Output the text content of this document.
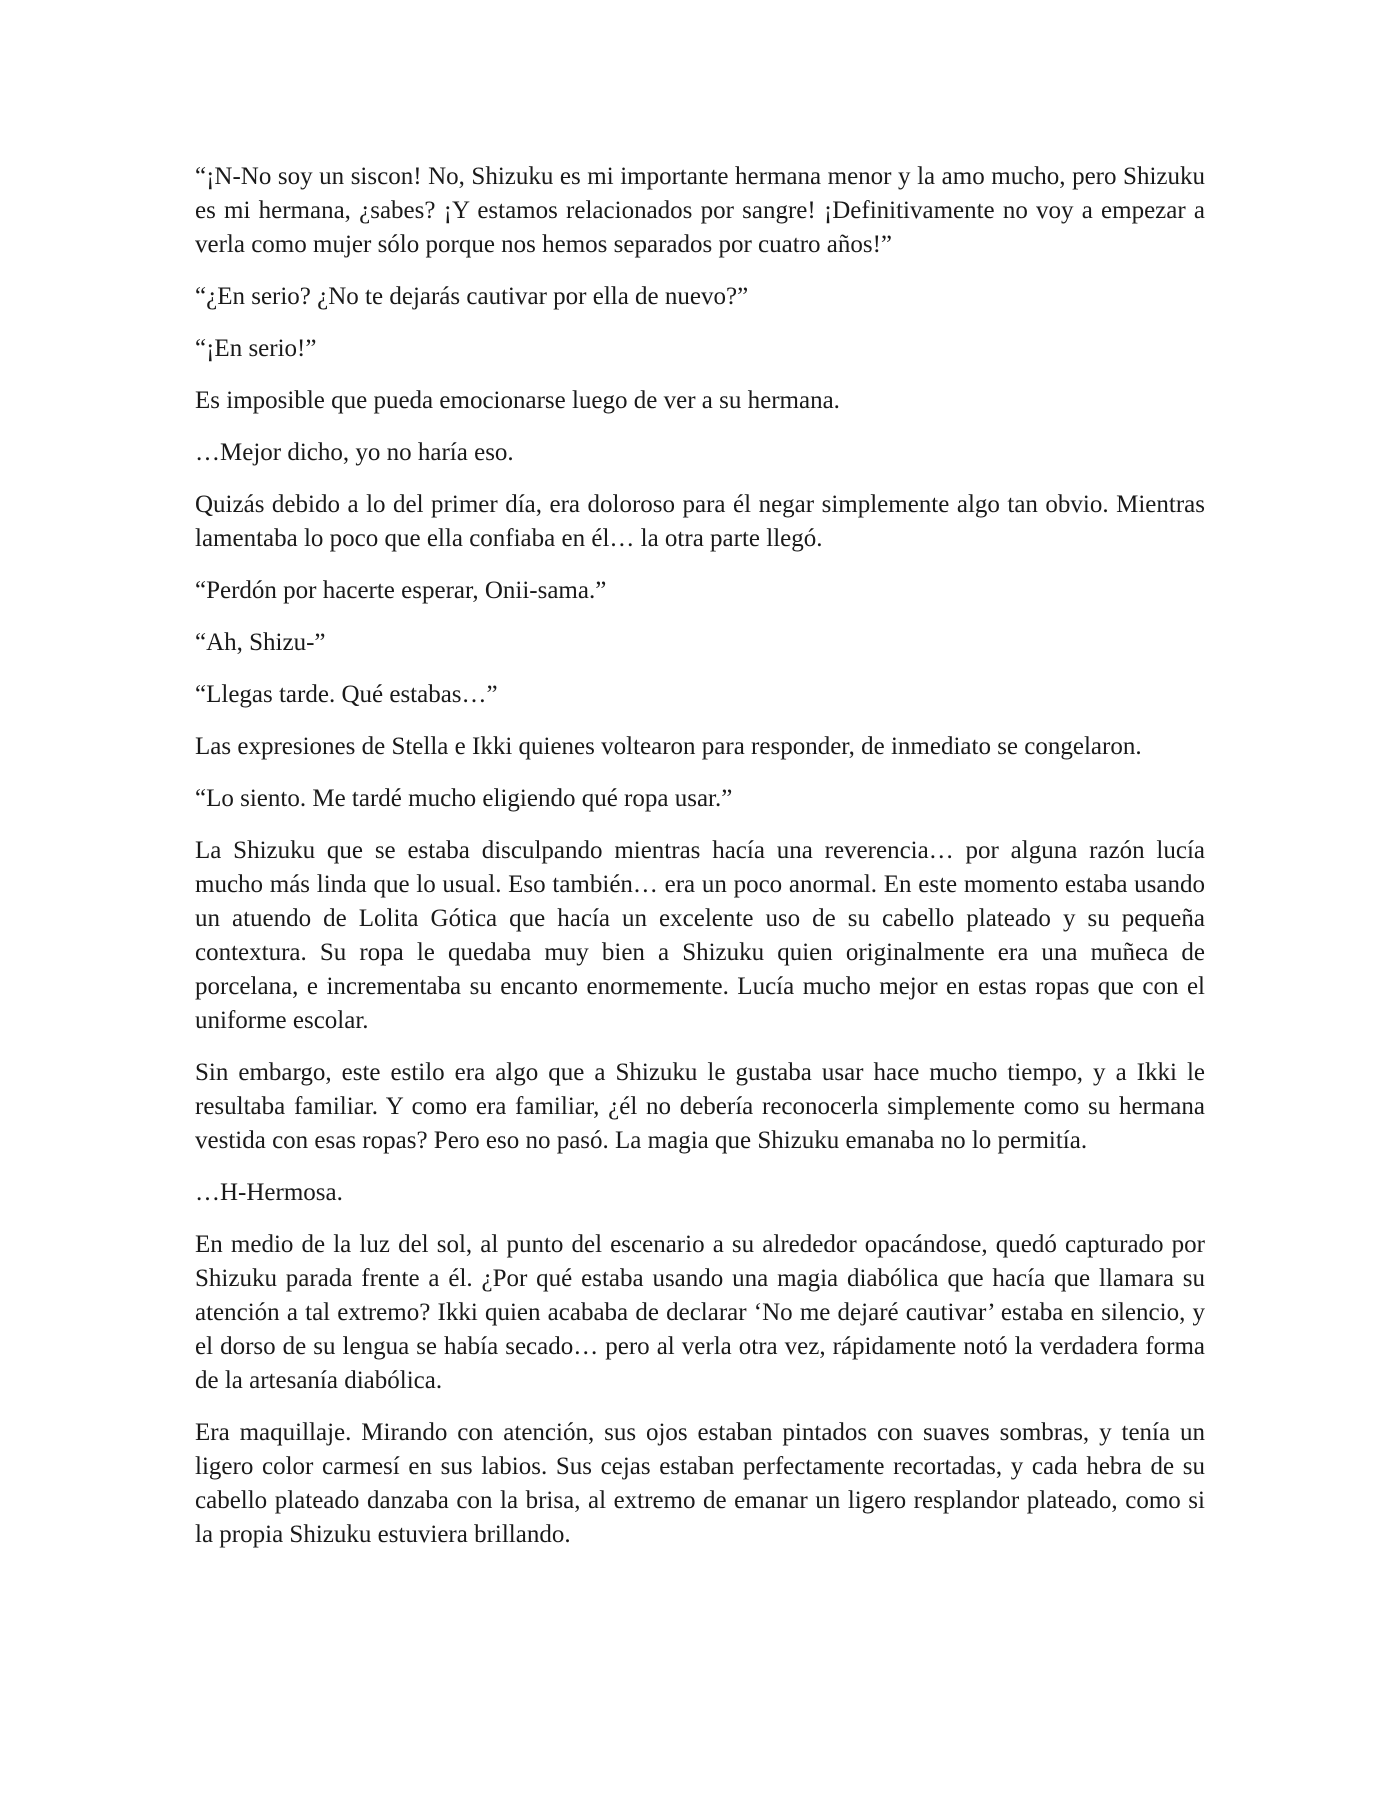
“¡N-No soy un siscon! No, Shizuku es mi importante hermana menor y la amo mucho, pero Shizuku es mi hermana, ¿sabes? ¡Y estamos relacionados por sangre! ¡Definitivamente no voy a empezar a verla como mujer sólo porque nos hemos separados por cuatro años!”

“¿En serio? ¿No te dejarás cautivar por ella de nuevo?”

“¡En serio!”

Es imposible que pueda emocionarse luego de ver a su hermana.

…Mejor dicho, yo no haría eso.

Quizás debido a lo del primer día, era doloroso para él negar simplemente algo tan obvio. Mientras lamentaba lo poco que ella confiaba en él… la otra parte llegó.

“Perdón por hacerte esperar, Onii-sama.”

“Ah, Shizu-”

“Llegas tarde. Qué estabas…”

Las expresiones de Stella e Ikki quienes voltearon para responder, de inmediato se congelaron.

“Lo siento. Me tardé mucho eligiendo qué ropa usar.”

La Shizuku que se estaba disculpando mientras hacía una reverencia… por alguna razón lucía mucho más linda que lo usual. Eso también… era un poco anormal. En este momento estaba usando un atuendo de Lolita Gótica que hacía un excelente uso de su cabello plateado y su pequeña contextura. Su ropa le quedaba muy bien a Shizuku quien originalmente era una muñeca de porcelana, e incrementaba su encanto enormemente. Lucía mucho mejor en estas ropas que con el uniforme escolar.

Sin embargo, este estilo era algo que a Shizuku le gustaba usar hace mucho tiempo, y a Ikki le resultaba familiar. Y como era familiar, ¿él no debería reconocerla simplemente como su hermana vestida con esas ropas? Pero eso no pasó. La magia que Shizuku emanaba no lo permitía.

…H-Hermosa.

En medio de la luz del sol, al punto del escenario a su alrededor opacándose, quedó capturado por Shizuku parada frente a él. ¿Por qué estaba usando una magia diabólica que hacía que llamara su atención a tal extremo? Ikki quien acababa de declarar ‘No me dejaré cautivar’ estaba en silencio, y el dorso de su lengua se había secado… pero al verla otra vez, rápidamente notó la verdadera forma de la artesanía diabólica.

Era maquillaje. Mirando con atención, sus ojos estaban pintados con suaves sombras, y tenía un ligero color carmesí en sus labios. Sus cejas estaban perfectamente recortadas, y cada hebra de su cabello plateado danzaba con la brisa, al extremo de emanar un ligero resplandor plateado, como si la propia Shizuku estuviera brillando.
